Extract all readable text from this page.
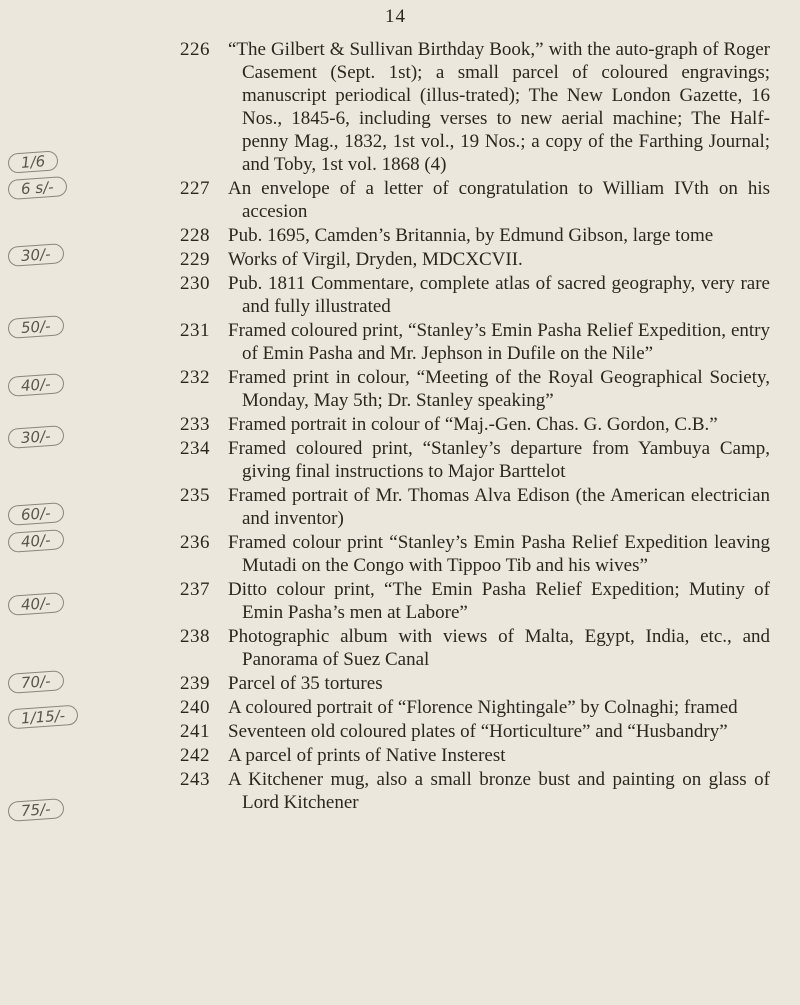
14
1/6
6 s/-
30/-
50/-
40/-
30/-
60/-
40/-
40/-
70/-
1/15/-
75/-
226 “The Gilbert & Sullivan Birthday Book,” with the auto-graph of Roger Casement (Sept. 1st); a small parcel of coloured engravings; manuscript periodical (illus-trated); The New London Gazette, 16 Nos., 1845-6, including verses to new aerial machine; The Half-penny Mag., 1832, 1st vol., 19 Nos.; a copy of the Farthing Journal; and Toby, 1st vol. 1868 (4)
227 An envelope of a letter of congratulation to William IVth on his accesion
228 Pub. 1695, Camden’s Britannia, by Edmund Gibson, large tome
229 Works of Virgil, Dryden, MDCXCVII.
230 Pub. 1811 Commentare, complete atlas of sacred geography, very rare and fully illustrated
231 Framed coloured print, “Stanley’s Emin Pasha Relief Expedition, entry of Emin Pasha and Mr. Jephson in Dufile on the Nile”
232 Framed print in colour, “Meeting of the Royal Geographical Society, Monday, May 5th; Dr. Stanley speaking”
233 Framed portrait in colour of “Maj.-Gen. Chas. G. Gordon, C.B.”
234 Framed coloured print, “Stanley’s departure from Yambuya Camp, giving final instructions to Major Barttelot
235 Framed portrait of Mr. Thomas Alva Edison (the American electrician and inventor)
236 Framed colour print “Stanley’s Emin Pasha Relief Expedition leaving Mutadi on the Congo with Tippoo Tib and his wives”
237 Ditto colour print, “The Emin Pasha Relief Expedition; Mutiny of Emin Pasha’s men at Labore”
238 Photographic album with views of Malta, Egypt, India, etc., and Panorama of Suez Canal
239 Parcel of 35 tortures
240 A coloured portrait of “Florence Nightingale” by Colnaghi; framed
241 Seventeen old coloured plates of “Horticulture” and “Husbandry”
242 A parcel of prints of Native Insterest
243 A Kitchener mug, also a small bronze bust and painting on glass of Lord Kitchener
